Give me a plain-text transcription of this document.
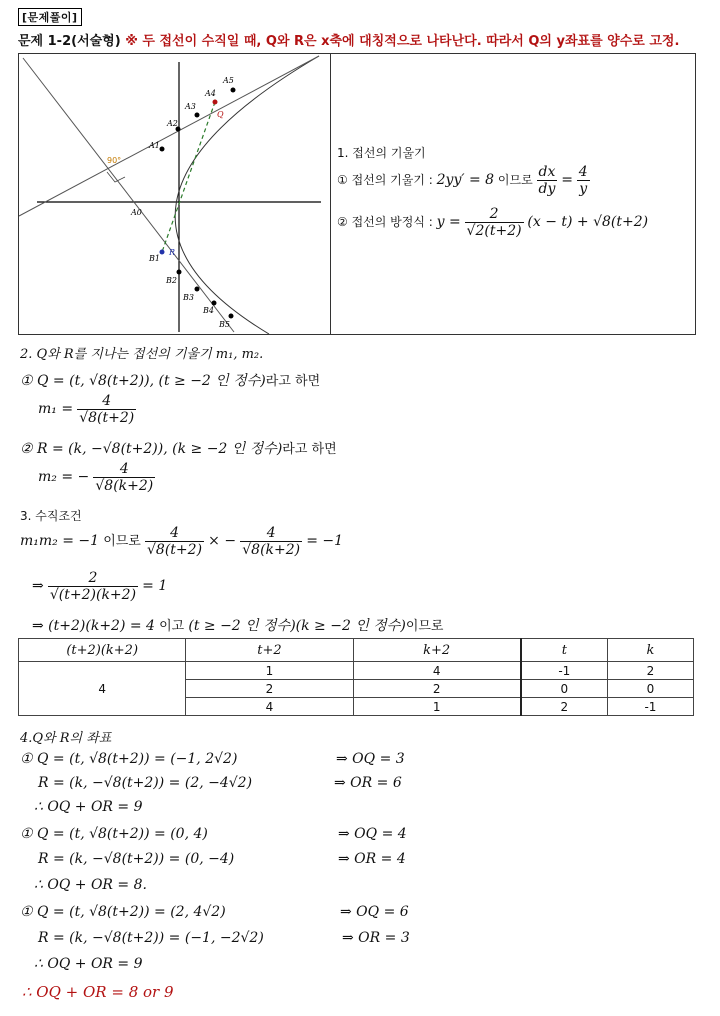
[문제풀이]
문제 1-2(서술형) ※ 두 접선이 수직일 때, Q와 R은 x축에 대칭적으로 나타난다. 따라서 Q의 y좌표를 양수로 고정.
90°
A5
A4
A3
Q
A2
A1
A0
R
B1
B2
B3
B4
B5
1. 접선의 기울기
① 접선의 기울기 : 2yy′ = 8 이므로 $\frac{dx}{dy} = \frac{4}{y}$
② 접선의 방정식 : $y = \frac{2}{√2(t+2)} (x - t) + √8(t+2)$
2. Q와 R를 지나는 접선의 기울기 m₁, m₂.
① Q = (t, √8(t+2)), (t ≥ −2 인 정수)라고 하면
$m_1 = \frac{4}{√8(t+2)}$
② R = (k, −√8(t+2)), (k ≥ −2 인 정수)라고 하면
m₂ = − $\frac{4}{√8(k+2)}$
3. 수직조건
m₁m₂ = −1 이므로 $\frac{4}{√8(t+2)}$ × − $\frac{4}{√8(k+2)} = -1$
⇒ $\frac{2}{√(t+2)(k+2)} = 1$
⇒ (t+2)(k+2) = 4 이고 (t ≥ −2 인 정수)(k ≥ −2 인 정수)이므로
(t+2)(k+2)	t+2	k+2	t	k
4	1	4	-1	2
	2	2	0	0
	4	1	2	-1
4.Q와 R의 좌표
① Q = (t, √8(t+2)) = (−1, 2√2)	⇒ OQ = 3
R = (k, −√8(t+2)) = (2, −4√2)	⇒ OR = 6
∴ OQ + OR = 9
① Q = (t, √8(t+2)) = (0, 4)	⇒ OQ = 4
R = (k, −√8(t+2)) = (0, −4)	⇒ OR = 4
∴ OQ + OR = 8.
① Q = (t, √8(t+2)) = (2, 4√2)	⇒ OQ = 6
R = (k, −√8(t+2)) = (−1, −2√2)	⇒ OR = 3
∴ OQ + OR = 9
∴ OQ + OR = 8 or 9
